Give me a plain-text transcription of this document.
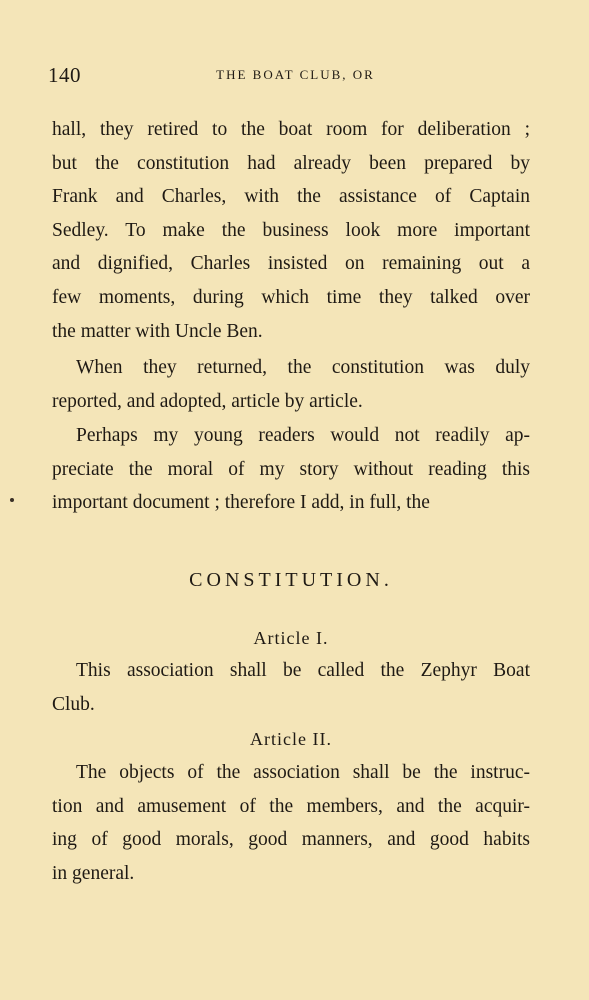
140	THE BOAT CLUB, OR
hall, they retired to the boat room for deliberation ;
but the constitution had already been prepared by
Frank and Charles, with the assistance of Captain
Sedley. To make the business look more important
and dignified, Charles insisted on remaining out a
few moments, during which time they talked over
the matter with Uncle Ben.
When they returned, the constitution was duly
reported, and adopted, article by article.
Perhaps my young readers would not readily ap-
preciate the moral of my story without reading this
important document ; therefore I add, in full, the
CONSTITUTION.
Article I.
This association shall be called the Zephyr Boat
Club.
Article II.
The objects of the association shall be the instruc-
tion and amusement of the members, and the acquir-
ing of good morals, good manners, and good habits
in general.
